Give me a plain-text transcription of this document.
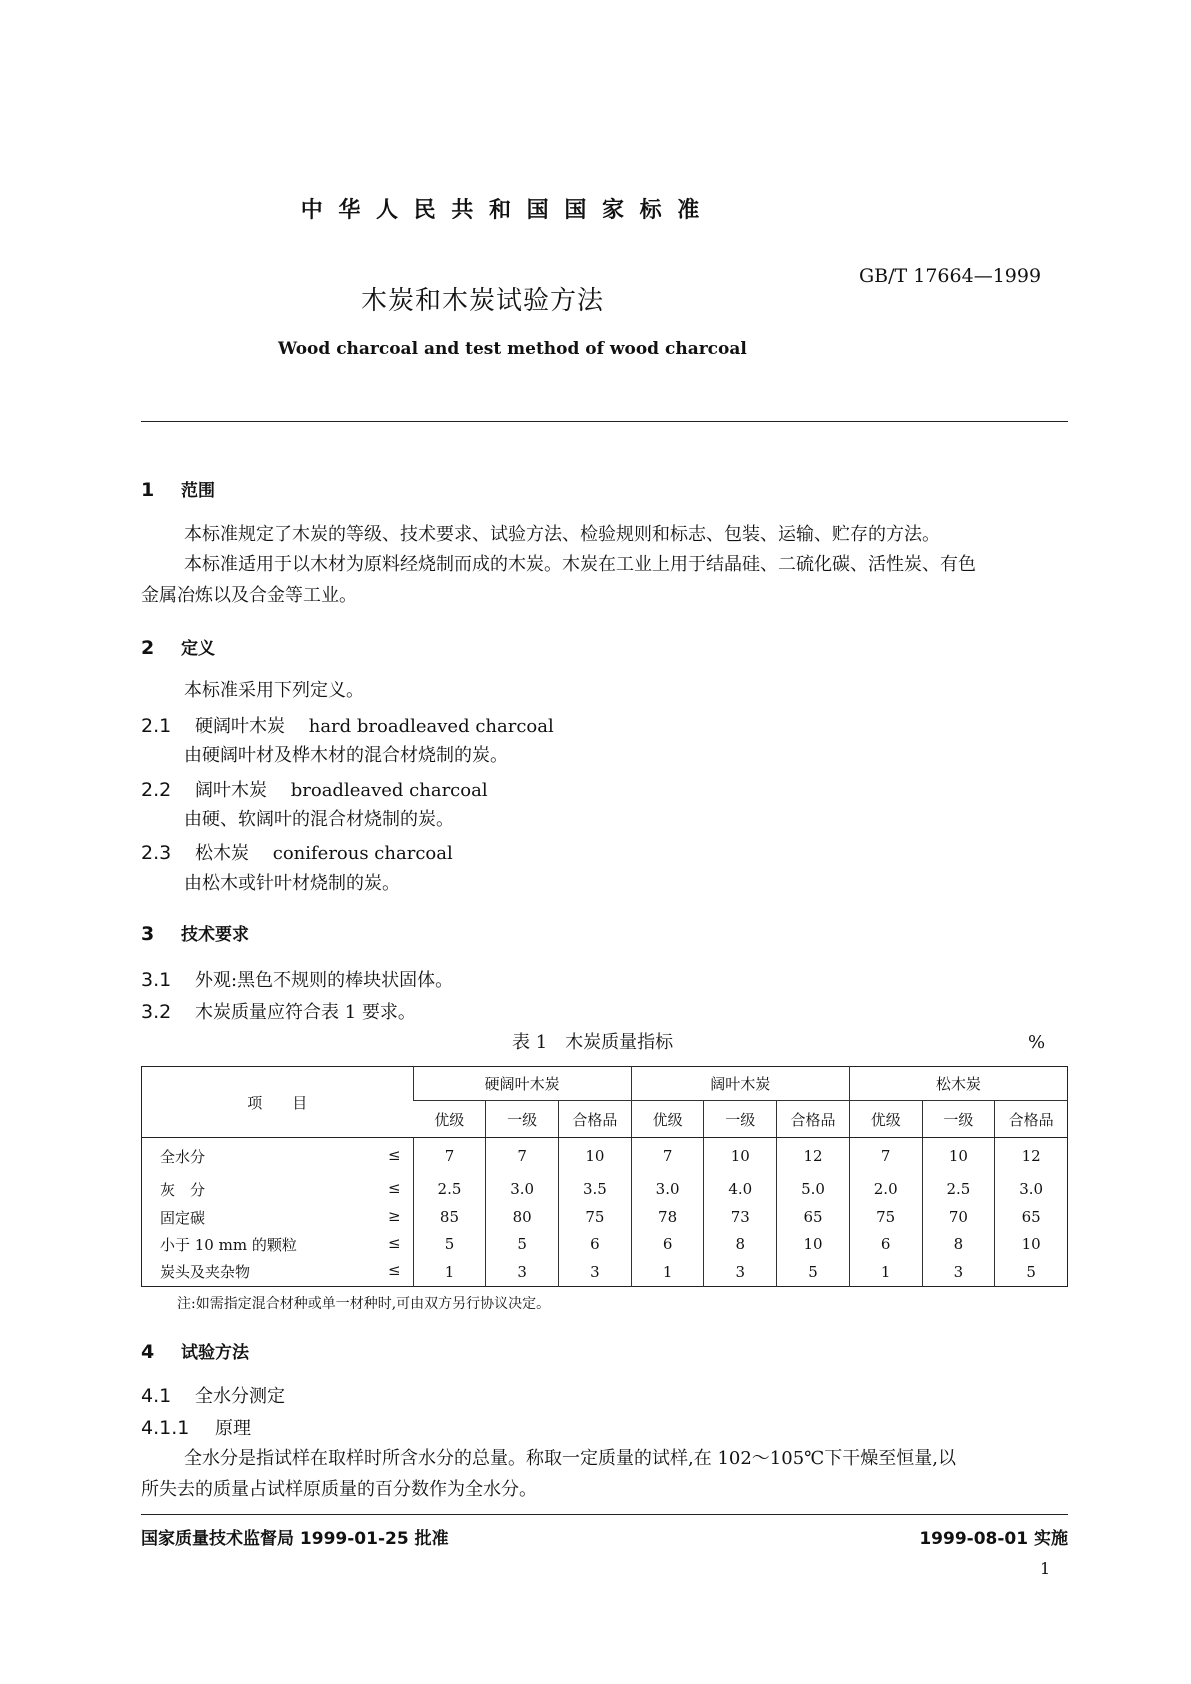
中 华 人 民 共 和 国 国 家 标 准
木炭和木炭试验方法
GB/T 17664—1999
Wood charcoal and test method of wood charcoal
1 范围
本标准规定了木炭的等级、技术要求、试验方法、检验规则和标志、包装、运输、贮存的方法。
本标准适用于以木材为原料经烧制而成的木炭。木炭在工业上用于结晶硅、二硫化碳、活性炭、有色
金属冶炼以及合金等工业。
2 定义
本标准采用下列定义。
2.1 硬阔叶木炭　 hard broadleaved charcoal
由硬阔叶材及桦木材的混合材烧制的炭。
2.2 阔叶木炭　 broadleaved charcoal
由硬、软阔叶的混合材烧制的炭。
2.3 松木炭　 coniferous charcoal
由松木或针叶材烧制的炭。
3 技术要求
3.1 外观:黑色不规则的棒块状固体。
3.2 木炭质量应符合表 1 要求。
表 1　木炭质量指标	%
项　　目	硬阔叶木炭			阔叶木炭			松木炭		
	优级	一级	合格品	优级	一级	合格品	优级	一级	合格品

全水分 ≤	7	7	10	7	10	12	7	10	12

灰　分 ≤	2.5	3.0	3.5	3.0	4.0	5.0	2.0	2.5	3.0

固定碳 ≥	85	80	75	78	73	65	75	70	65

小于 10 mm 的颗粒 ≤	5	5	6	6	8	10	6	8	10

炭头及夹杂物 ≤	1	3	3	1	3	5	1	3	5
注:如需指定混合材种或单一材种时,可由双方另行协议决定。
4 试验方法
4.1 全水分测定
4.1.1 原理
全水分是指试样在取样时所含水分的总量。称取一定质量的试样,在 102～105℃下干燥至恒量,以
所失去的质量占试样原质量的百分数作为全水分。
国家质量技术监督局 1999-01-25 批准	1999-08-01 实施
1
